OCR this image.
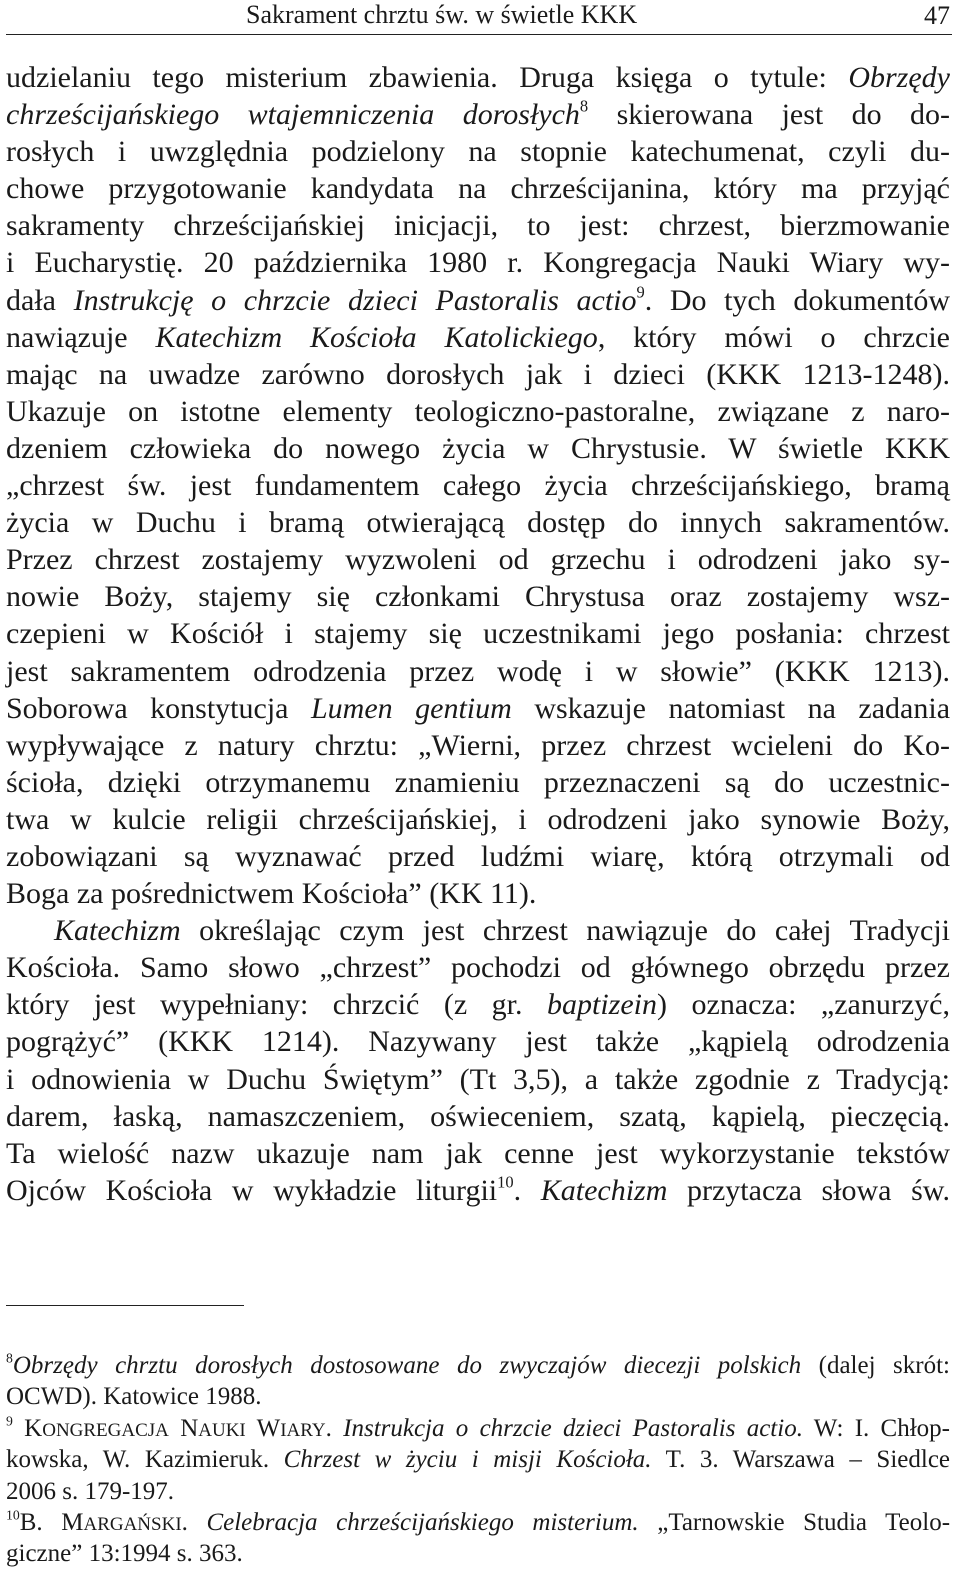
Sakrament chrztu św. w świetle KKK	47
udzielaniu tego misterium zbawienia. Druga księga o tytule: Obrzędy
chrześcijańskiego wtajemniczenia dorosłych$^8$ skierowana jest do do-
rosłych i uwzględnia podzielony na stopnie katechumenat, czyli du-
chowe przygotowanie kandydata na chrześcijanina, który ma przyjąć
sakramenty chrześcijańskiej inicjacji, to jest: chrzest, bierzmowanie
i Eucharystię. 20 października 1980 r. Kongregacja Nauki Wiary wy-
dała Instrukcję o chrzcie dzieci Pastoralis actio$^9$. Do tych dokumentów
nawiązuje Katechizm Kościoła Katolickiego, który mówi o chrzcie
mając na uwadze zarówno dorosłych jak i dzieci (KKK 1213-1248).
Ukazuje on istotne elementy teologiczno-pastoralne, związane z naro-
dzeniem człowieka do nowego życia w Chrystusie. W świetle KKK
„chrzest św. jest fundamentem całego życia chrześcijańskiego, bramą
życia w Duchu i bramą otwierającą dostęp do innych sakramentów.
Przez chrzest zostajemy wyzwoleni od grzechu i odrodzeni jako sy-
nowie Boży, stajemy się członkami Chrystusa oraz zostajemy wsz-
czepieni w Kościół i stajemy się uczestnikami jego posłania: chrzest
jest sakramentem odrodzenia przez wodę i w słowie” (KKK 1213).
Soborowa konstytucja Lumen gentium wskazuje natomiast na zadania
wypływające z natury chrztu: „Wierni, przez chrzest wcieleni do Ko-
ścioła, dzięki otrzymanemu znamieniu przeznaczeni są do uczestnic-
twa w kulcie religii chrześcijańskiej, i odrodzeni jako synowie Boży,
zobowiązani są wyznawać przed ludźmi wiarę, którą otrzymali od
Boga za pośrednictwem Kościoła” (KK 11).
Katechizm określając czym jest chrzest nawiązuje do całej Tradycji
Kościoła. Samo słowo „chrzest” pochodzi od głównego obrzędu przez
który jest wypełniany: chrzcić (z gr. baptizein) oznacza: „zanurzyć,
pogrążyć” (KKK 1214). Nazywany jest także „kąpielą odrodzenia
i odnowienia w Duchu Świętym” (Tt 3,5), a także zgodnie z Tradycją:
darem, łaską, namaszczeniem, oświeceniem, szatą, kąpielą, pieczęcią.
Ta wielość nazw ukazuje nam jak cenne jest wykorzystanie tekstów
Ojców Kościoła w wykładzie liturgii$^{10}$. Katechizm przytacza słowa św.
$^8$Obrzędy chrztu dorosłych dostosowane do zwyczajów diecezji polskich (dalej skrót:
OCWD). Katowice 1988.
$^9$ KONGREGACJA NAUKI WIARY. Instrukcja o chrzcie dzieci Pastoralis actio. W: I. Chłop-
kowska, W. Kazimieruk. Chrzest w życiu i misji Kościoła. T. 3. Warszawa – Siedlce
2006 s. 179-197.
$^{10}$B. MARGAŃSKI. Celebracja chrześcijańskiego misterium. „Tarnowskie Studia Teolo-
giczne” 13:1994 s. 363.
